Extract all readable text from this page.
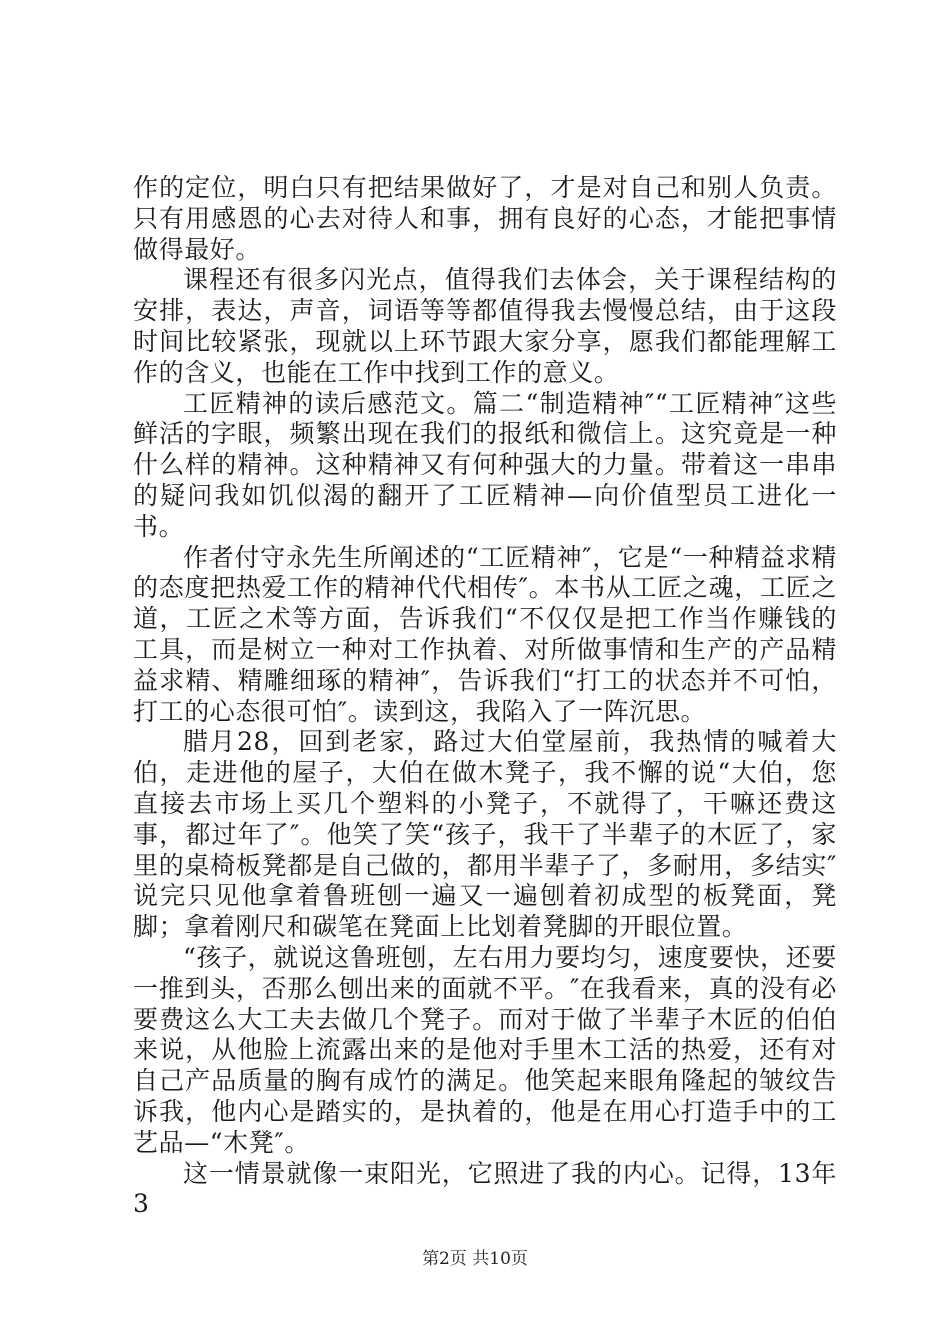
作的定位，明白只有把结果做好了，才是对自己和别人负责。只有用感恩的心去对待人和事，拥有良好的心态，才能把事情做得最好。

课程还有很多闪光点，值得我们去体会，关于课程结构的安排，表达，声音，词语等等都值得我去慢慢总结，由于这段时间比较紧张，现就以上环节跟大家分享，愿我们都能理解工作的含义，也能在工作中找到工作的意义。

工匠精神的读后感范文。篇二“制造精神″“工匠精神″这些鲜活的字眼，频繁出现在我们的报纸和微信上。这究竟是一种什么样的精神。这种精神又有何种强大的力量。带着这一串串的疑问我如饥似渴的翻开了工匠精神—向价值型员工进化一书。

作者付守永先生所阐述的“工匠精神″，它是“一种精益求精的态度把热爱工作的精神代代相传″。本书从工匠之魂，工匠之道，工匠之术等方面，告诉我们“不仅仅是把工作当作赚钱的工具，而是树立一种对工作执着、对所做事情和生产的产品精益求精、精雕细琢的精神″，告诉我们“打工的状态并不可怕，打工的心态很可怕″。读到这，我陷入了一阵沉思。

腊月28，回到老家，路过大伯堂屋前，我热情的喊着大伯，走进他的屋子，大伯在做木凳子，我不懈的说“大伯，您直接去市场上买几个塑料的小凳子，不就得了，干嘛还费这事，都过年了″。他笑了笑“孩子，我干了半辈子的木匠了，家里的桌椅板凳都是自己做的，都用半辈子了，多耐用，多结实″说完只见他拿着鲁班刨一遍又一遍刨着初成型的板凳面，凳脚；拿着刚尺和碳笔在凳面上比划着凳脚的开眼位置。

“孩子，就说这鲁班刨，左右用力要均匀，速度要快，还要一推到头，否那么刨出来的面就不平。″在我看来，真的没有必要费这么大工夫去做几个凳子。而对于做了半辈子木匠的伯伯来说，从他脸上流露出来的是他对手里木工活的热爱，还有对自己产品质量的胸有成竹的满足。他笑起来眼角隆起的皱纹告诉我，他内心是踏实的，是执着的，他是在用心打造手中的工艺品—“木凳″。

这一情景就像一束阳光，它照进了我的内心。记得，13年3

第2页 共10页
